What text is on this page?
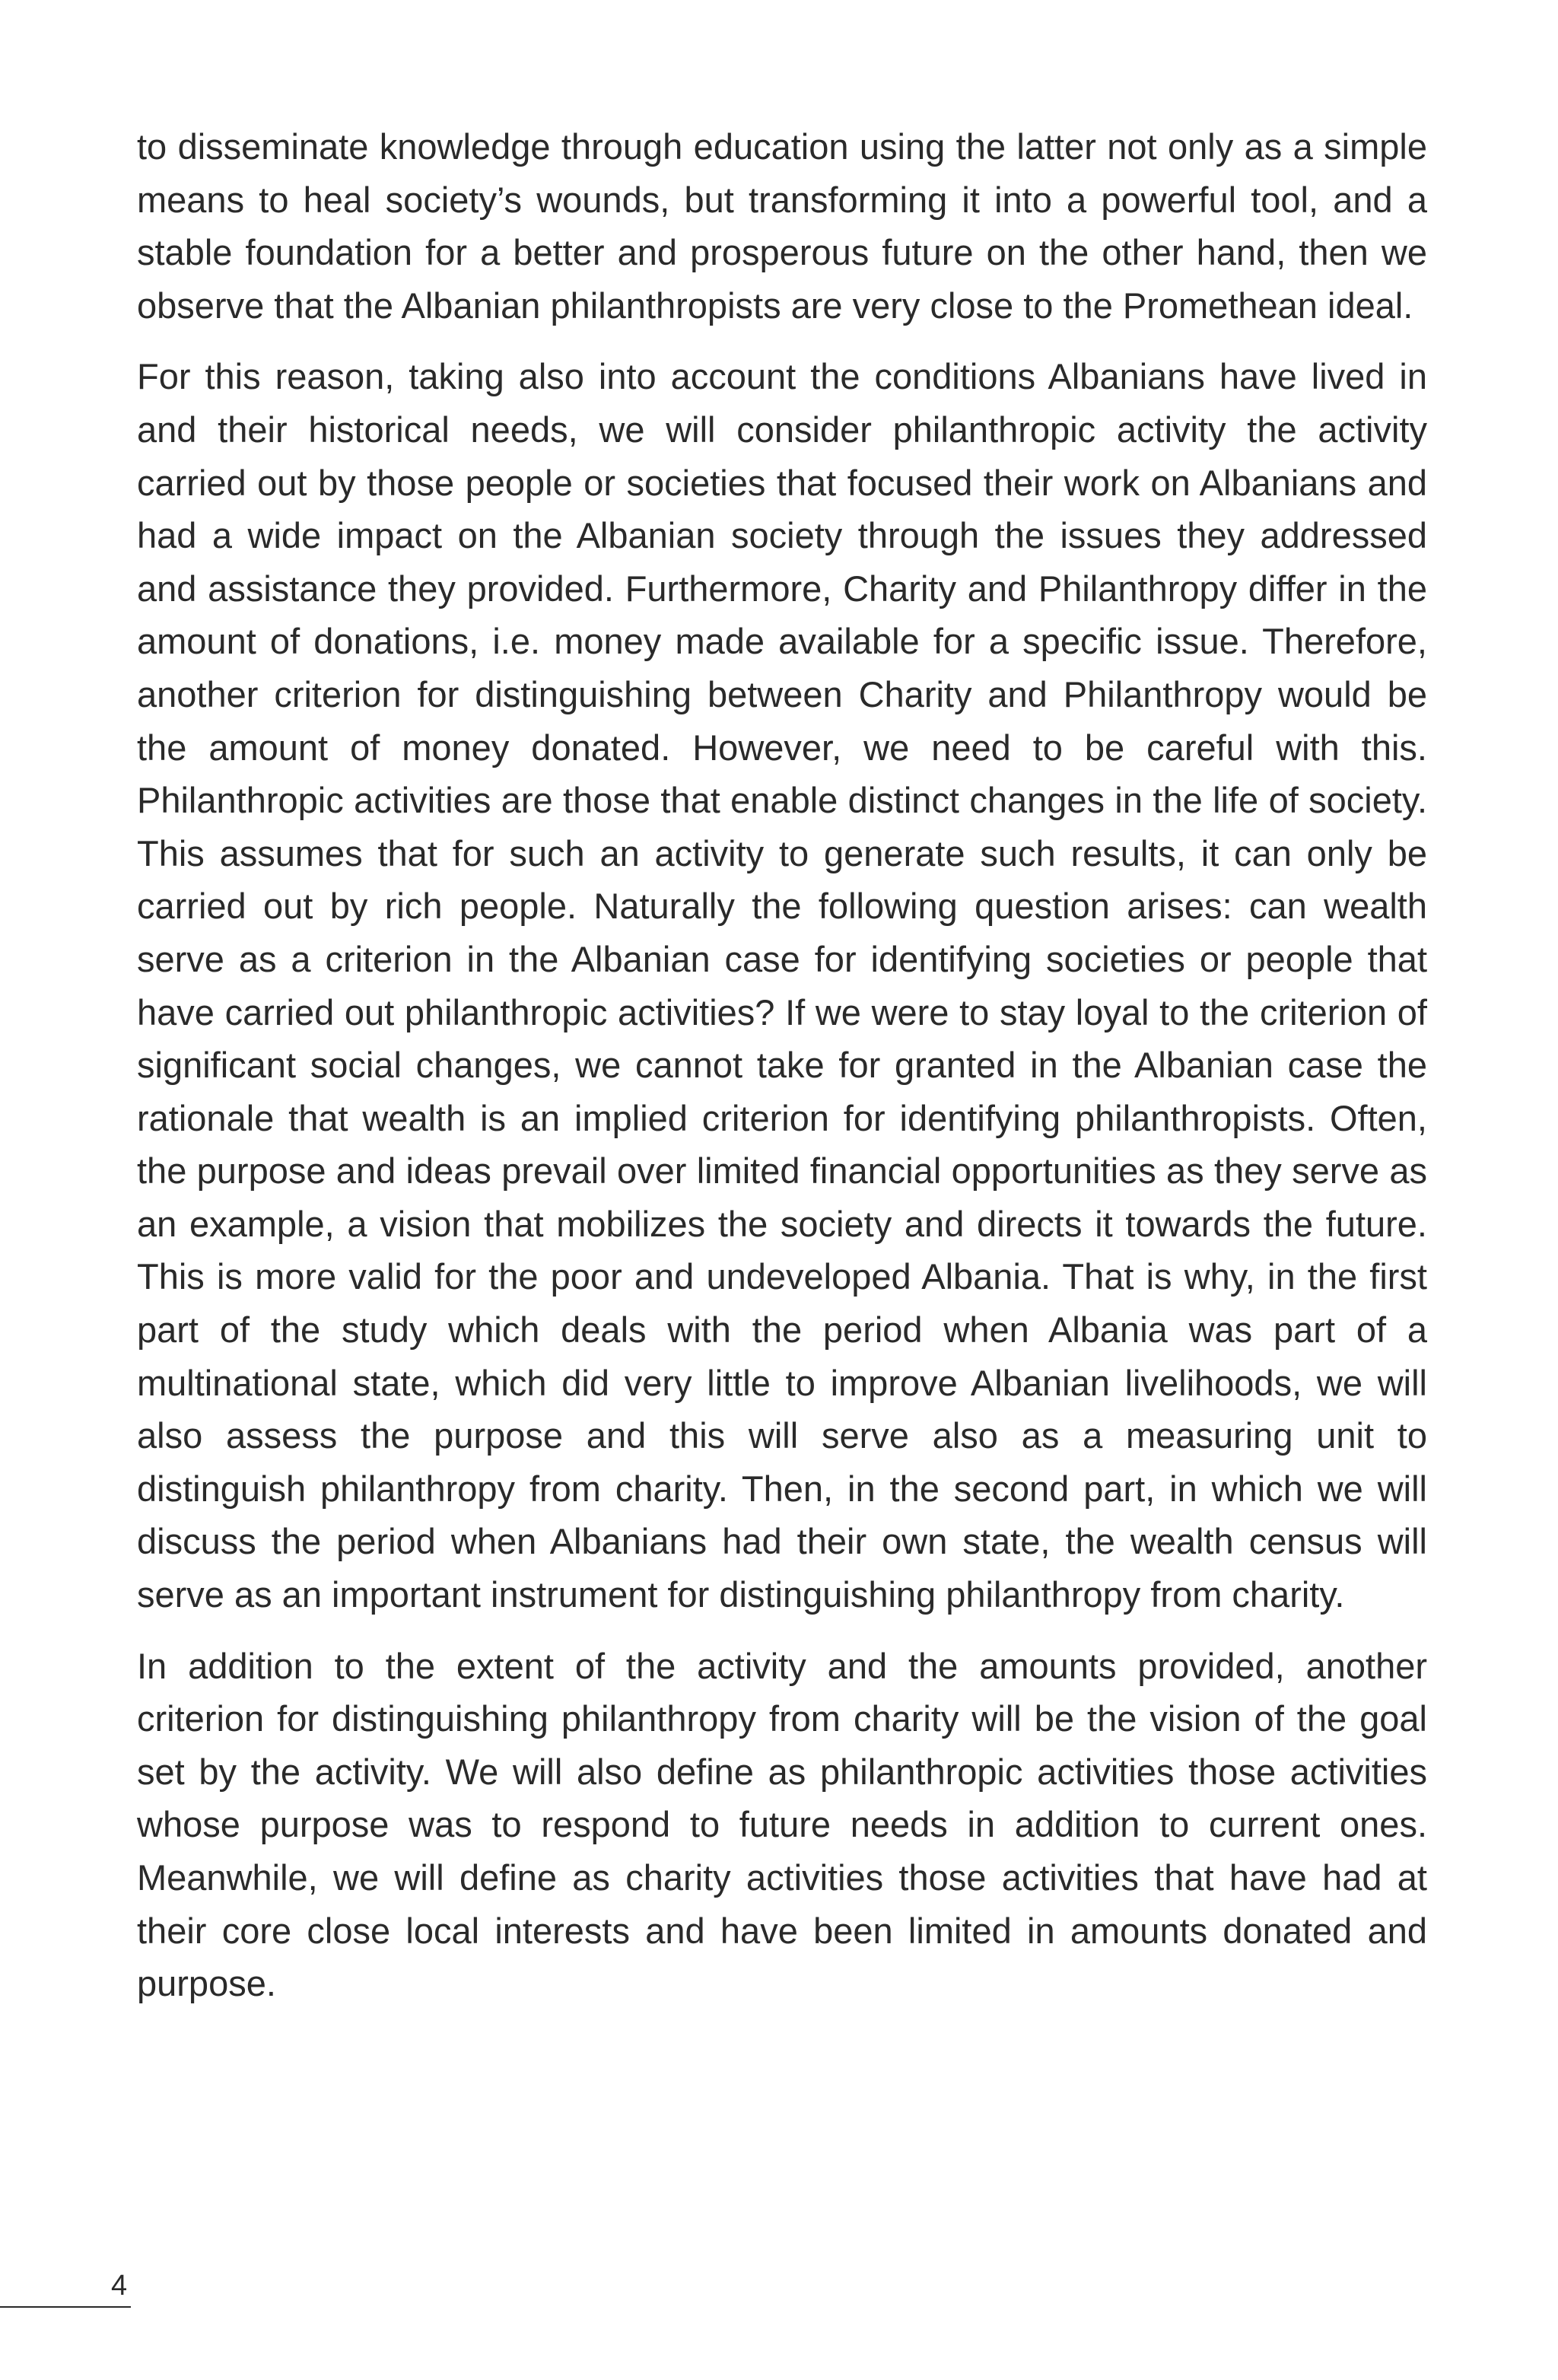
to disseminate knowledge through education using the latter not only as a simple means to heal society’s wounds, but transforming it into a powerful tool, and a stable foundation for a better and prosperous future on the other hand, then we observe that the Albanian philanthropists are very close to the Promethean ideal.

For this reason, taking also into account the conditions Albanians have lived in and their historical needs, we will consider philanthropic activity the activity carried out by those people or societies that focused their work on Albanians and had a wide impact on the Albanian society through the issues they addressed and assistance they provided. Furthermore, Charity and Philanthropy differ in the amount of donations, i.e. money made available for a specific issue. Therefore, another criterion for distinguishing between Charity and Philanthropy would be the amount of money donated. However, we need to be careful with this. Philanthropic activities are those that enable distinct changes in the life of society. This assumes that for such an activity to generate such results, it can only be carried out by rich people. Naturally the following question arises: can wealth serve as a criterion in the Albanian case for identifying societies or people that have carried out philanthropic activities? If we were to stay loyal to the criterion of significant social changes, we cannot take for granted in the Albanian case the rationale that wealth is an implied criterion for identifying philanthropists. Often, the purpose and ideas prevail over limited financial opportunities as they serve as an example, a vision that mobilizes the society and directs it towards the future. This is more valid for the poor and undeveloped Albania. That is why, in the first part of the study which deals with the period when Albania was part of a multinational state, which did very little to improve Albanian livelihoods, we will also assess the purpose and this will serve also as a measuring unit to distinguish philanthropy from charity. Then, in the second part, in which we will discuss the period when Albanians had their own state, the wealth census will serve as an important instrument for distinguishing philanthropy from charity.

In addition to the extent of the activity and the amounts provided, another criterion for distinguishing philanthropy from charity will be the vision of the goal set by the activity. We will also define as philanthropic activities those activities whose purpose was to respond to future needs in addition to current ones. Meanwhile, we will define as charity activities those activities that have had at their core close local interests and have been limited in amounts donated and purpose.

4
